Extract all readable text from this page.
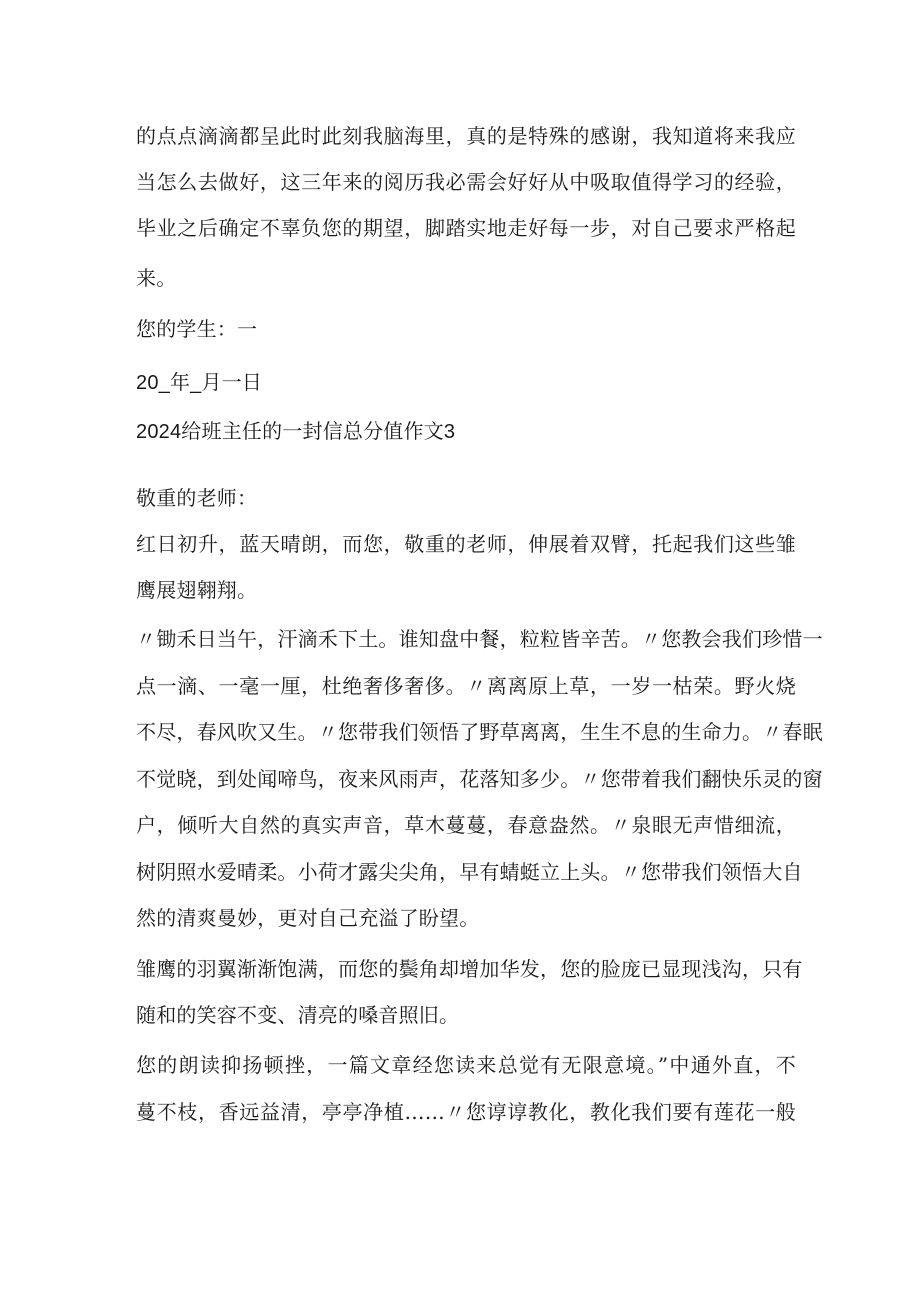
的点点滴滴都呈此时此刻我脑海里，真的是特殊的感谢，我知道将来我应
当怎么去做好，这三年来的阅历我必需会好好从中吸取值得学习的经验，
毕业之后确定不辜负您的期望，脚踏实地走好每一步，对自己要求严格起
来。
您的学生：一
20_年_月一日
2024给班主任的一封信总分值作文3
敬重的老师：
红日初升，蓝天晴朗，而您，敬重的老师，伸展着双臂，托起我们这些雏
鹰展翅翱翔。
〃锄禾日当午，汗滴禾下土。谁知盘中餐，粒粒皆辛苦。〃您教会我们珍惜一
点一滴、一毫一厘，杜绝奢侈奢侈。〃离离原上草，一岁一枯荣。野火烧
不尽，春风吹又生。〃您带我们领悟了野草离离，生生不息的生命力。〃春眠
不觉晓，到处闻啼鸟，夜来风雨声，花落知多少。〃您带着我们翻快乐灵的窗
户，倾听大自然的真实声音，草木蔓蔓，春意盎然。〃泉眼无声惜细流，
树阴照水爱晴柔。小荷才露尖尖角，早有蜻蜓立上头。〃您带我们领悟大自
然的清爽曼妙，更对自己充溢了盼望。
雏鹰的羽翼渐渐饱满，而您的鬓角却增加华发，您的脸庞已显现浅沟，只有
随和的笑容不变、清亮的嗓音照旧。
您的朗读抑扬顿挫，一篇文章经您读来总觉有无限意境。”中通外直，不
蔓不枝，香远益清，亭亭净植……〃您谆谆教化，教化我们要有莲花一般
